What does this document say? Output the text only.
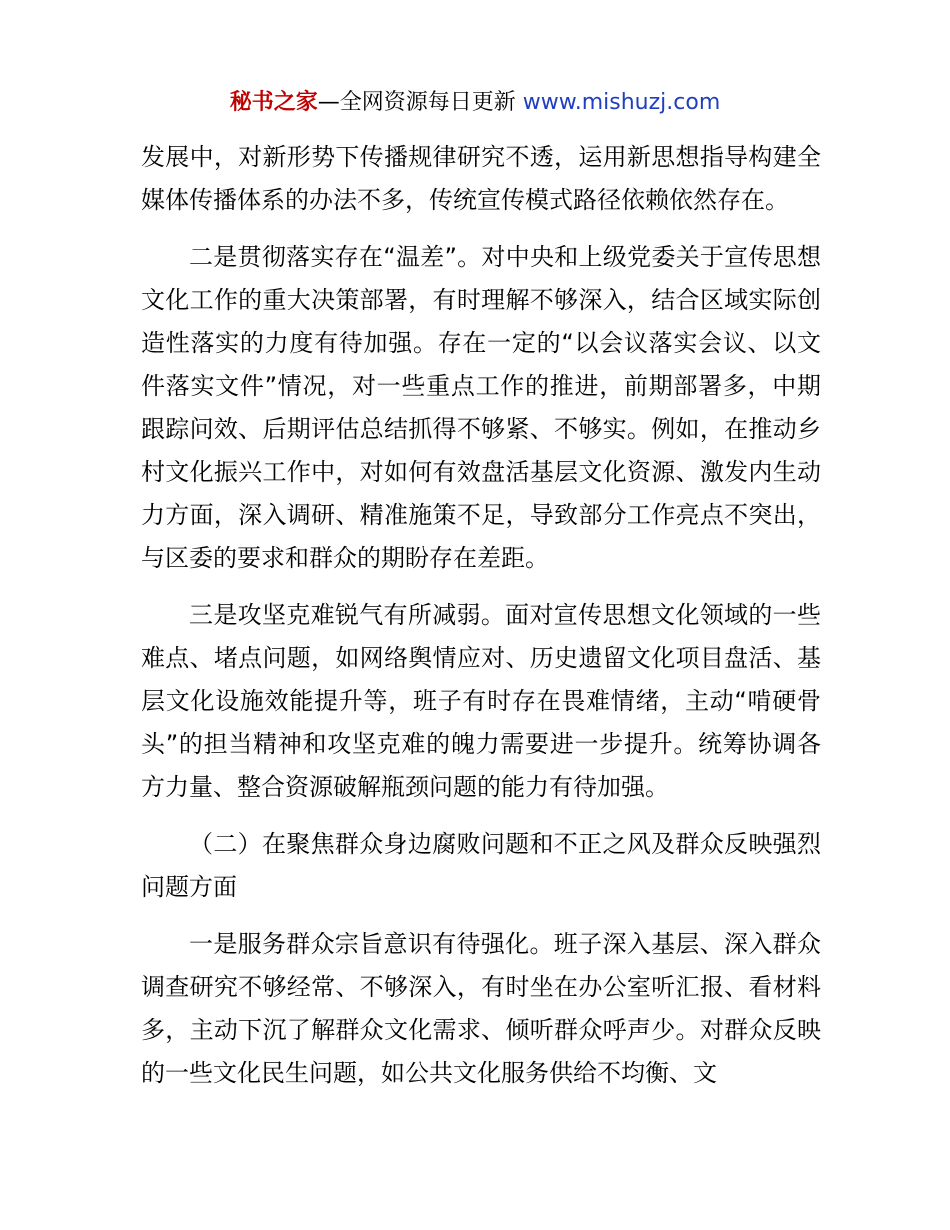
秘书之家—全网资源每日更新 www.mishuzj.com

发展中，对新形势下传播规律研究不透，运用新思想指导构建全媒体传播体系的办法不多，传统宣传模式路径依赖依然存在。

二是贯彻落实存在“温差”。对中央和上级党委关于宣传思想文化工作的重大决策部署，有时理解不够深入，结合区域实际创造性落实的力度有待加强。存在一定的“以会议落实会议、以文件落实文件”情况，对一些重点工作的推进，前期部署多，中期跟踪问效、后期评估总结抓得不够紧、不够实。例如，在推动乡村文化振兴工作中，对如何有效盘活基层文化资源、激发内生动力方面，深入调研、精准施策不足，导致部分工作亮点不突出，与区委的要求和群众的期盼存在差距。

三是攻坚克难锐气有所减弱。面对宣传思想文化领域的一些难点、堵点问题，如网络舆情应对、历史遗留文化项目盘活、基层文化设施效能提升等，班子有时存在畏难情绪，主动“啃硬骨头”的担当精神和攻坚克难的魄力需要进一步提升。统筹协调各方力量、整合资源破解瓶颈问题的能力有待加强。

（二）在聚焦群众身边腐败问题和不正之风及群众反映强烈问题方面

一是服务群众宗旨意识有待强化。班子深入基层、深入群众调查研究不够经常、不够深入，有时坐在办公室听汇报、看材料多，主动下沉了解群众文化需求、倾听群众呼声少。对群众反映的一些文化民生问题，如公共文化服务供给不均衡、文
